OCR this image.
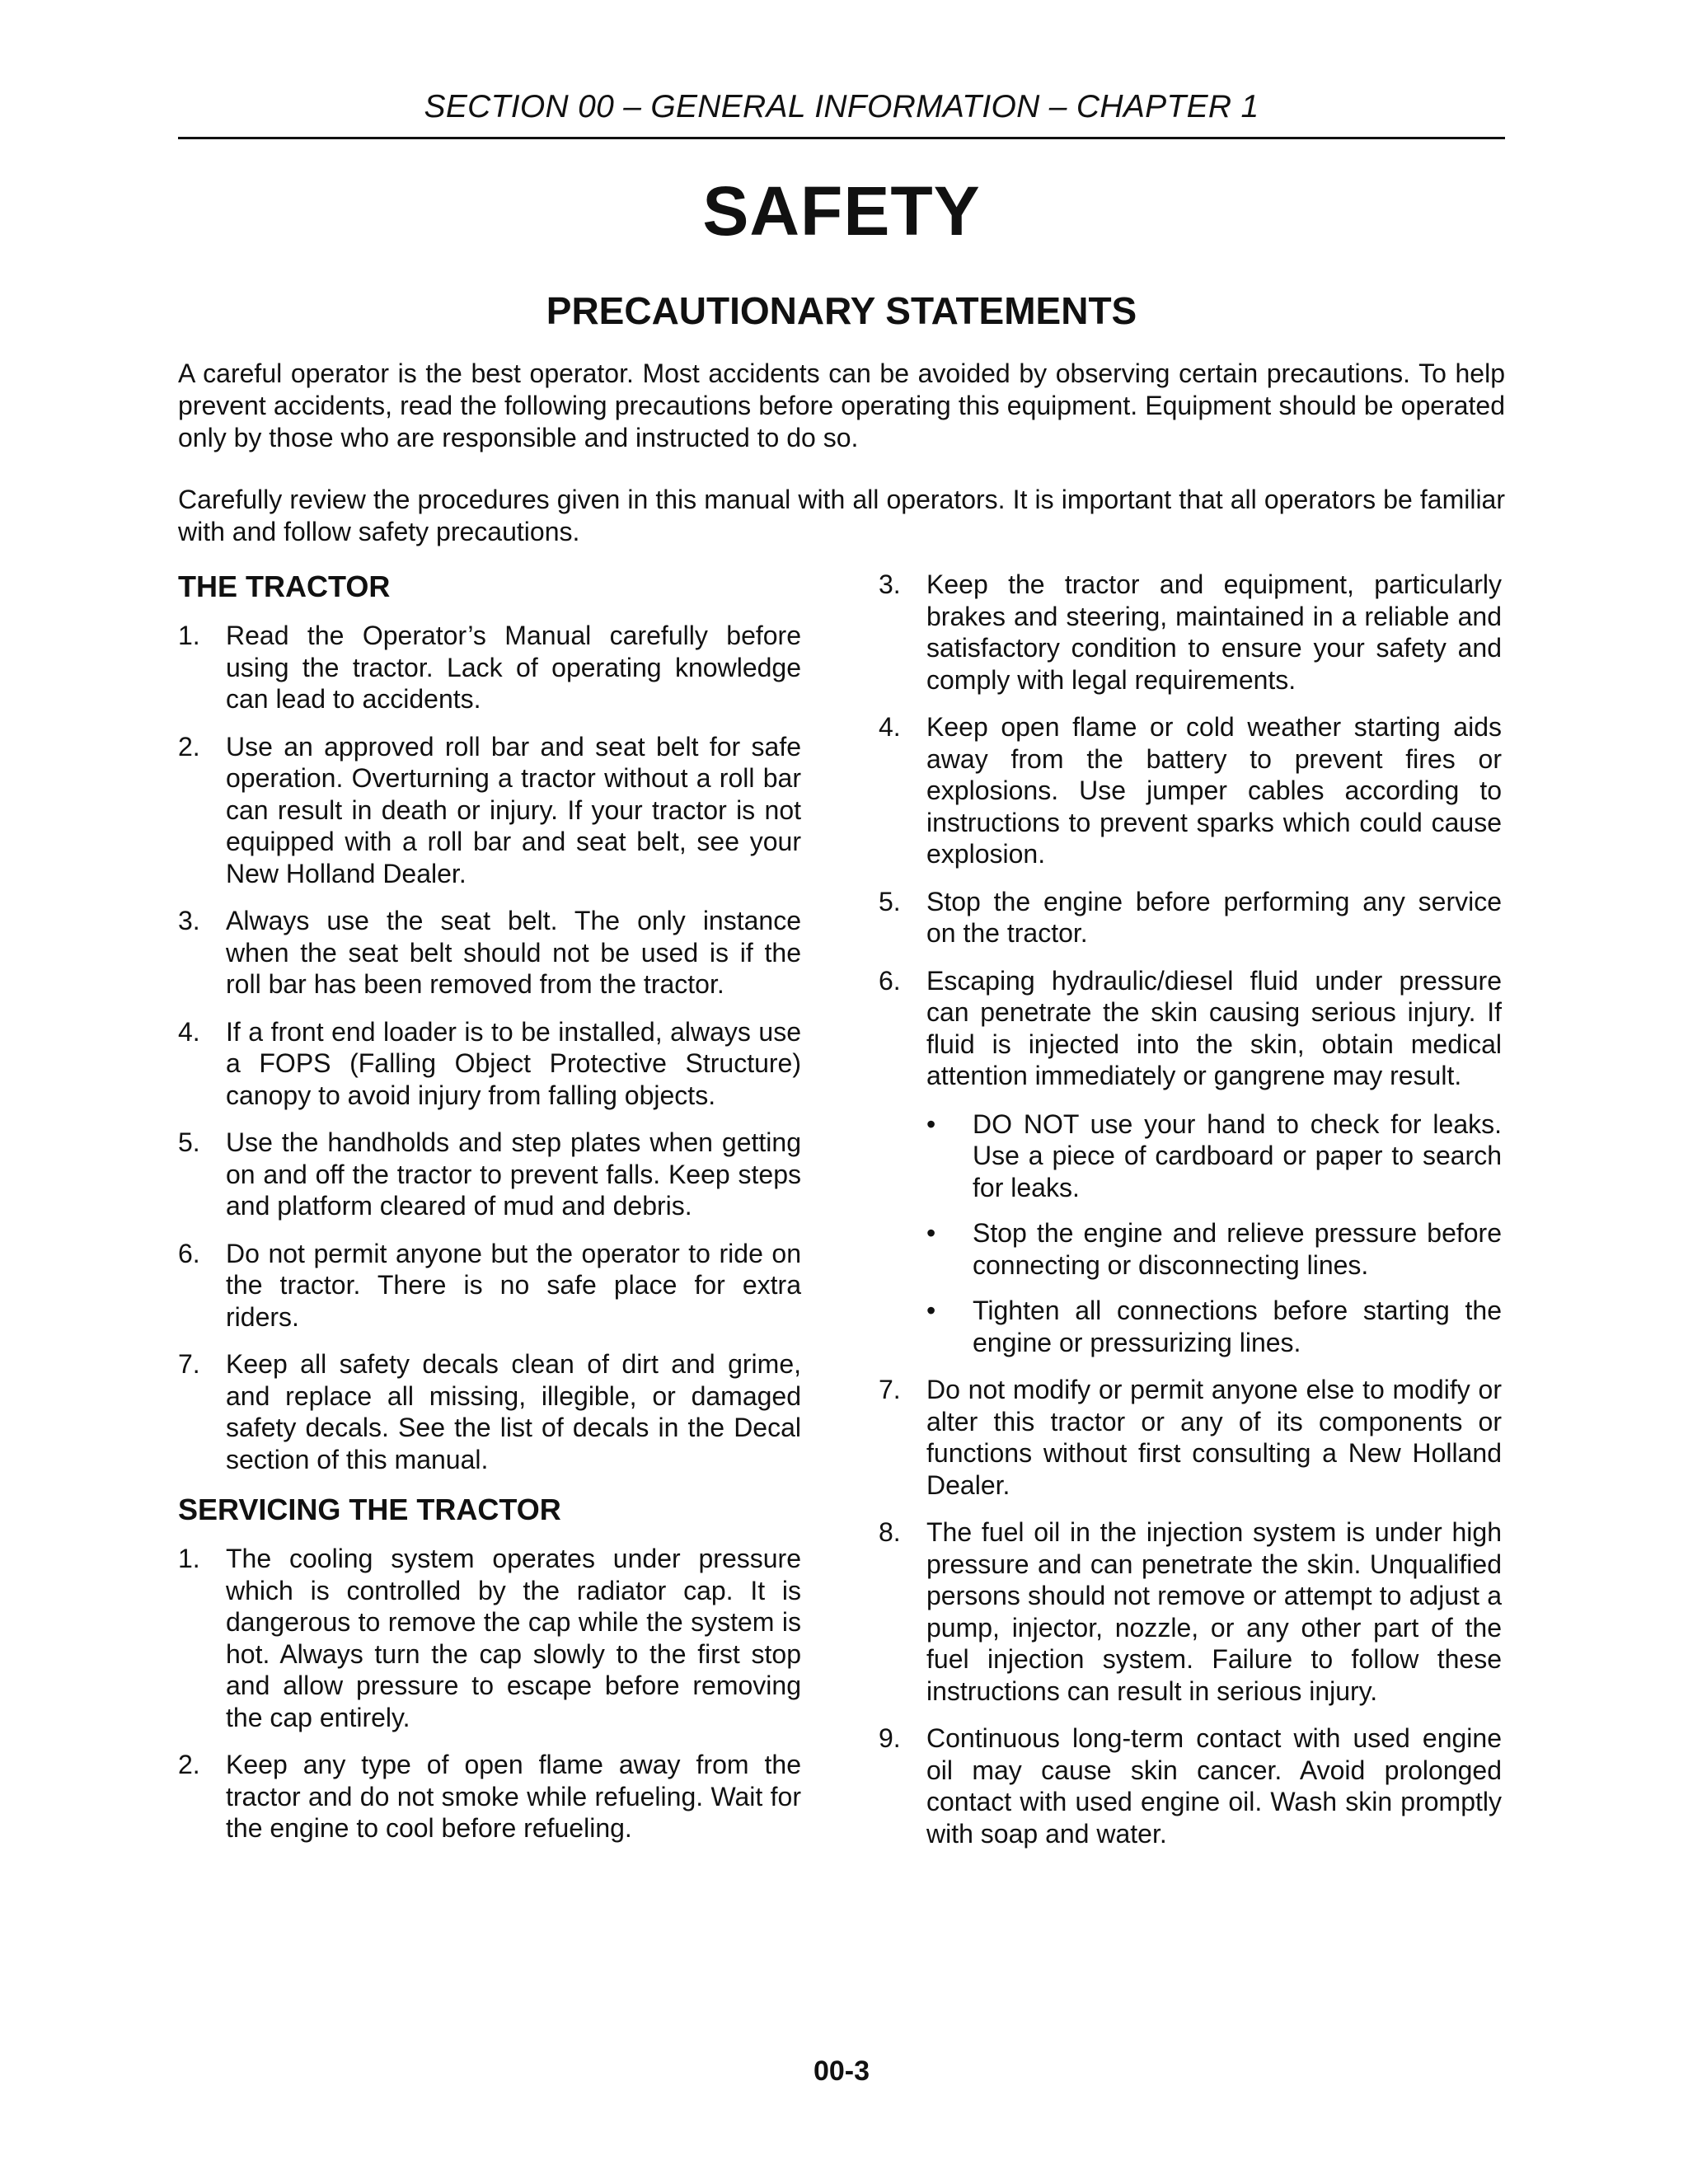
SECTION 00 – GENERAL INFORMATION – CHAPTER 1
SAFETY
PRECAUTIONARY STATEMENTS

A careful operator is the best operator. Most accidents can be avoided by observing certain precautions. To help prevent accidents, read the following precautions before operating this equipment. Equipment should be operated only by those who are responsible and instructed to do so.

Carefully review the procedures given in this manual with all operators. It is important that all operators be familiar with and follow safety precautions.

THE TRACTOR
1. Read the Operator’s Manual carefully before using the tractor. Lack of operating knowledge can lead to accidents.
2. Use an approved roll bar and seat belt for safe operation. Overturning a tractor without a roll bar can result in death or injury. If your tractor is not equipped with a roll bar and seat belt, see your New Holland Dealer.
3. Always use the seat belt. The only instance when the seat belt should not be used is if the roll bar has been removed from the tractor.
4. If a front end loader is to be installed, always use a FOPS (Falling Object Protective Structure) canopy to avoid injury from falling objects.
5. Use the handholds and step plates when getting on and off the tractor to prevent falls. Keep steps and platform cleared of mud and debris.
6. Do not permit anyone but the operator to ride on the tractor. There is no safe place for extra riders.
7. Keep all safety decals clean of dirt and grime, and replace all missing, illegible, or damaged safety decals. See the list of decals in the Decal section of this manual.
SERVICING THE TRACTOR
1. The cooling system operates under pressure which is controlled by the radiator cap. It is dangerous to remove the cap while the system is hot. Always turn the cap slowly to the first stop and allow pressure to escape before removing the cap entirely.
2. Keep any type of open flame away from the tractor and do not smoke while refueling. Wait for the engine to cool before refueling.
3. Keep the tractor and equipment, particularly brakes and steering, maintained in a reliable and satisfactory condition to ensure your safety and comply with legal requirements.
4. Keep open flame or cold weather starting aids away from the battery to prevent fires or explosions. Use jumper cables according to instructions to prevent sparks which could cause explosion.
5. Stop the engine before performing any service on the tractor.
6. Escaping hydraulic/diesel fluid under pressure can penetrate the skin causing serious injury. If fluid is injected into the skin, obtain medical attention immediately or gangrene may result.
• DO NOT use your hand to check for leaks. Use a piece of cardboard or paper to search for leaks.
• Stop the engine and relieve pressure before connecting or disconnecting lines.
• Tighten all connections before starting the engine or pressurizing lines.
7. Do not modify or permit anyone else to modify or alter this tractor or any of its components or functions without first consulting a New Holland Dealer.
8. The fuel oil in the injection system is under high pressure and can penetrate the skin. Unqualified persons should not remove or attempt to adjust a pump, injector, nozzle, or any other part of the fuel injection system. Failure to follow these instructions can result in serious injury.
9. Continuous long-term contact with used engine oil may cause skin cancer. Avoid prolonged contact with used engine oil. Wash skin promptly with soap and water.
00-3
